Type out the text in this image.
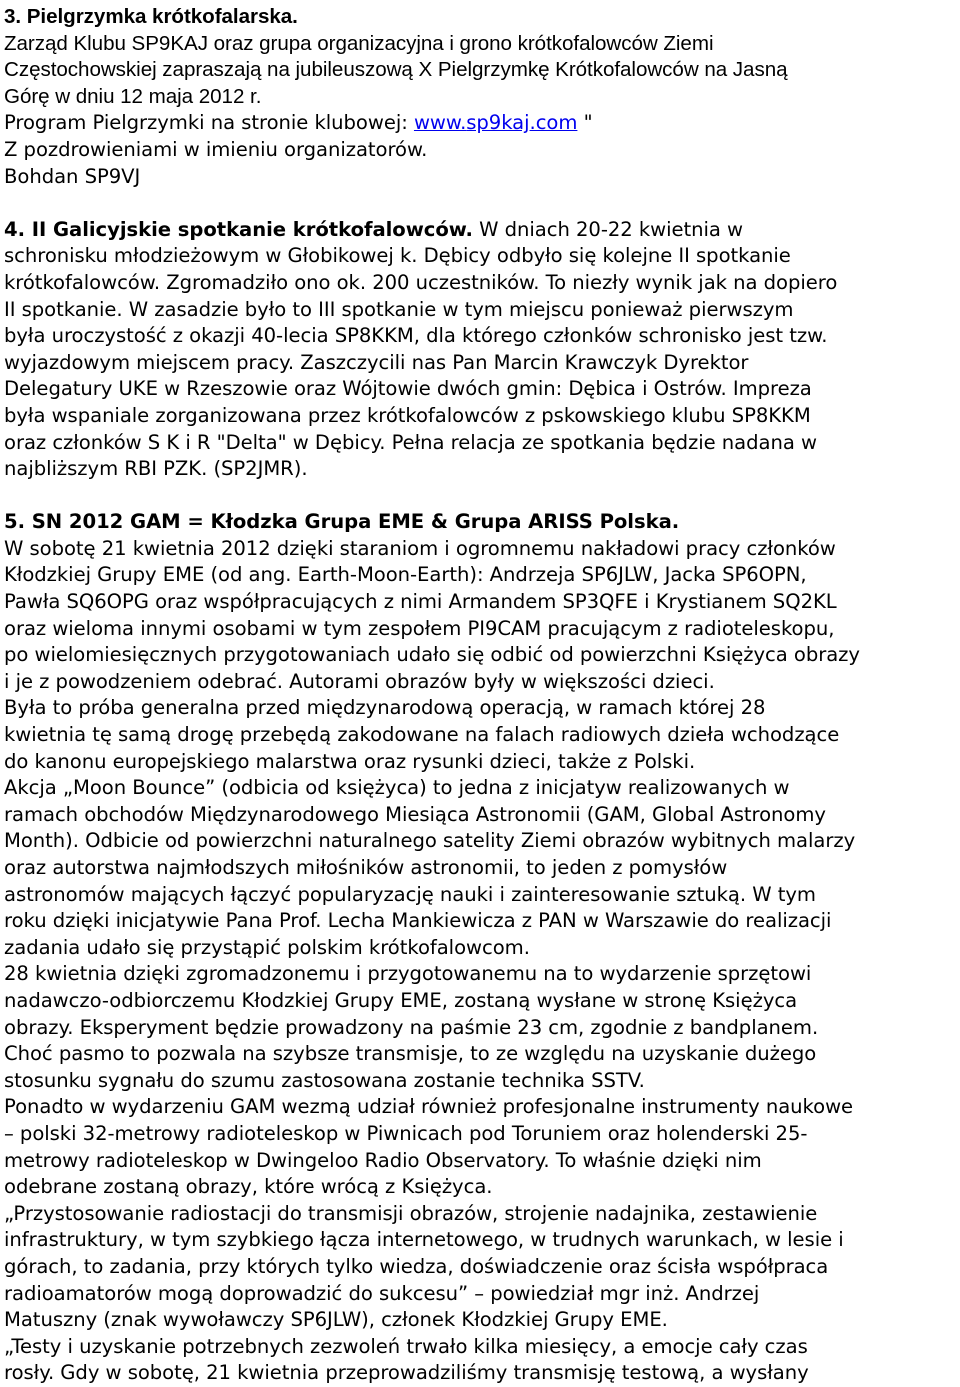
3. Pielgrzymka krótkofalarska.
Zarząd Klubu SP9KAJ oraz grupa organizacyjna i grono krótkofalowców Ziemi
Częstochowskiej zapraszają na jubileuszową X Pielgrzymkę Krótkofalowców na Jasną
Górę w dniu 12 maja 2012 r.
Program Pielgrzymki na stronie klubowej: www.sp9kaj.com "
Z pozdrowieniami w imieniu organizatorów.
Bohdan SP9VJ
4. II Galicyjskie spotkanie krótkofalowców. W dniach 20-22 kwietnia w
schronisku młodzieżowym w Głobikowej k. Dębicy odbyło się kolejne II spotkanie
krótkofalowców. Zgromadziło ono ok. 200 uczestników. To niezły wynik jak na dopiero
II spotkanie. W zasadzie było to III spotkanie w tym miejscu ponieważ pierwszym
była uroczystość z okazji 40-lecia SP8KKM, dla którego członków schronisko jest tzw.
wyjazdowym miejscem pracy. Zaszczycili nas Pan Marcin Krawczyk Dyrektor
Delegatury UKE w Rzeszowie oraz Wójtowie dwóch gmin: Dębica i Ostrów. Impreza
była wspaniale zorganizowana przez krótkofalowców z pskowskiego klubu SP8KKM
oraz członków S K i R "Delta" w Dębicy. Pełna relacja ze spotkania będzie nadana w
najbliższym RBI PZK. (SP2JMR).
5. SN 2012 GAM = Kłodzka Grupa EME & Grupa ARISS Polska.
W sobotę 21 kwietnia 2012 dzięki staraniom i ogromnemu nakładowi pracy członków
Kłodzkiej Grupy EME (od ang. Earth-Moon-Earth): Andrzeja SP6JLW, Jacka SP6OPN,
Pawła SQ6OPG oraz współpracujących z nimi Armandem SP3QFE i Krystianem SQ2KL
oraz wieloma innymi osobami w tym zespołem PI9CAM pracującym z radioteleskopu,
po wielomiesięcznych przygotowaniach udało się odbić od powierzchni Księżyca obrazy
i je z powodzeniem odebrać. Autorami obrazów były w większości dzieci.
Była to próba generalna przed międzynarodową operacją, w ramach której 28
kwietnia tę samą drogę przebędą zakodowane na falach radiowych dzieła wchodzące
do kanonu europejskiego malarstwa oraz rysunki dzieci, także z Polski.
Akcja „Moon Bounce” (odbicia od księżyca) to jedna z inicjatyw realizowanych w
ramach obchodów Międzynarodowego Miesiąca Astronomii (GAM, Global Astronomy
Month). Odbicie od powierzchni naturalnego satelity Ziemi obrazów wybitnych malarzy
oraz autorstwa najmłodszych miłośników astronomii, to jeden z pomysłów
astronomów mających łączyć popularyzację nauki i zainteresowanie sztuką. W tym
roku dzięki inicjatywie Pana Prof. Lecha Mankiewicza z PAN w Warszawie do realizacji
zadania udało się przystąpić polskim krótkofalowcom.
28 kwietnia dzięki zgromadzonemu i przygotowanemu na to wydarzenie sprzętowi
nadawczo-odbiorczemu Kłodzkiej Grupy EME, zostaną wysłane w stronę Księżyca
obrazy. Eksperyment będzie prowadzony na paśmie 23 cm, zgodnie z bandplanem.
Choć pasmo to pozwala na szybsze transmisje, to ze względu na uzyskanie dużego
stosunku sygnału do szumu zastosowana zostanie technika SSTV.
Ponadto w wydarzeniu GAM wezmą udział również profesjonalne instrumenty naukowe
– polski 32-metrowy radioteleskop w Piwnicach pod Toruniem oraz holenderski 25-
metrowy radioteleskop w Dwingeloo Radio Observatory. To właśnie dzięki nim
odebrane zostaną obrazy, które wrócą z Księżyca.
„Przystosowanie radiostacji do transmisji obrazów, strojenie nadajnika, zestawienie
infrastruktury, w tym szybkiego łącza internetowego, w trudnych warunkach, w lesie i
górach, to zadania, przy których tylko wiedza, doświadczenie oraz ścisła współpraca
radioamatorów mogą doprowadzić do sukcesu” – powiedział mgr inż. Andrzej
Matuszny (znak wywoławczy SP6JLW), członek Kłodzkiej Grupy EME.
„Testy i uzyskanie potrzebnych zezwoleń trwało kilka miesięcy, a emocje cały czas
rosły. Gdy w sobotę, 21 kwietnia przeprowadziliśmy transmisję testową, a wysłany
